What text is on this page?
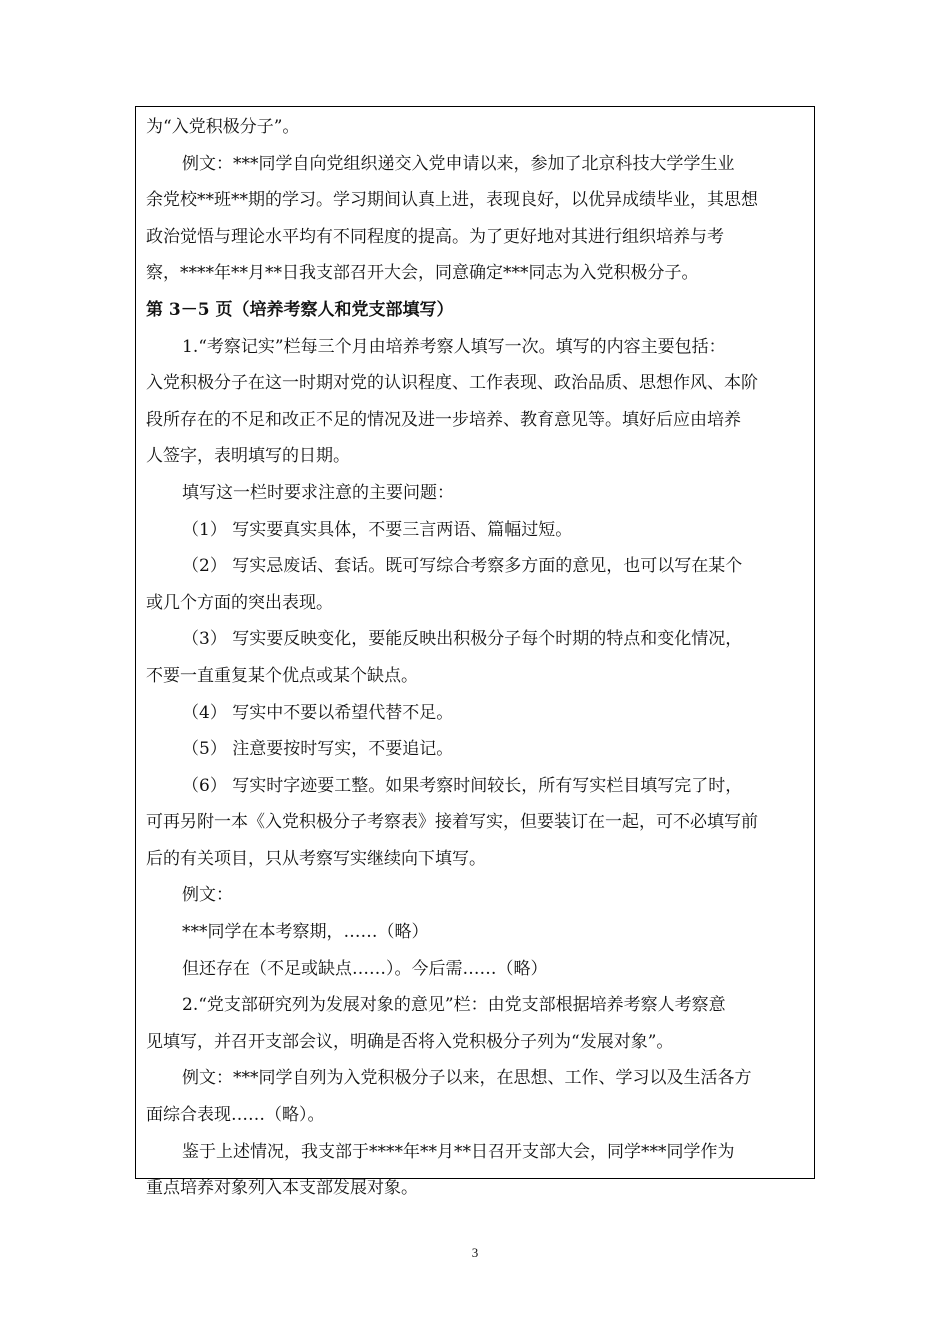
为“入党积极分子”。
例文：***同学自向党组织递交入党申请以来，参加了北京科技大学学生业
余党校**班**期的学习。学习期间认真上进，表现良好，以优异成绩毕业，其思想
政治觉悟与理论水平均有不同程度的提高。为了更好地对其进行组织培养与考
察，****年**月**日我支部召开大会，同意确定***同志为入党积极分子。
第 3－5 页（培养考察人和党支部填写）
1.“考察记实”栏每三个月由培养考察人填写一次。填写的内容主要包括：
入党积极分子在这一时期对党的认识程度、工作表现、政治品质、思想作风、本阶
段所存在的不足和改正不足的情况及进一步培养、教育意见等。填好后应由培养
人签字，表明填写的日期。
填写这一栏时要求注意的主要问题：
（1） 写实要真实具体，不要三言两语、篇幅过短。
（2） 写实忌废话、套话。既可写综合考察多方面的意见，也可以写在某个
或几个方面的突出表现。
（3） 写实要反映变化，要能反映出积极分子每个时期的特点和变化情况，
不要一直重复某个优点或某个缺点。
（4） 写实中不要以希望代替不足。
（5） 注意要按时写实，不要追记。
（6） 写实时字迹要工整。如果考察时间较长，所有写实栏目填写完了时，
可再另附一本《入党积极分子考察表》接着写实，但要装订在一起，可不必填写前
后的有关项目，只从考察写实继续向下填写。
例文：
***同学在本考察期，……（略）
但还存在（不足或缺点……）。今后需……（略）
2.“党支部研究列为发展对象的意见”栏：由党支部根据培养考察人考察意
见填写，并召开支部会议，明确是否将入党积极分子列为“发展对象”。
例文：***同学自列为入党积极分子以来，在思想、工作、学习以及生活各方
面综合表现……（略）。
鉴于上述情况，我支部于****年**月**日召开支部大会，同学***同学作为
重点培养对象列入本支部发展对象。
3
